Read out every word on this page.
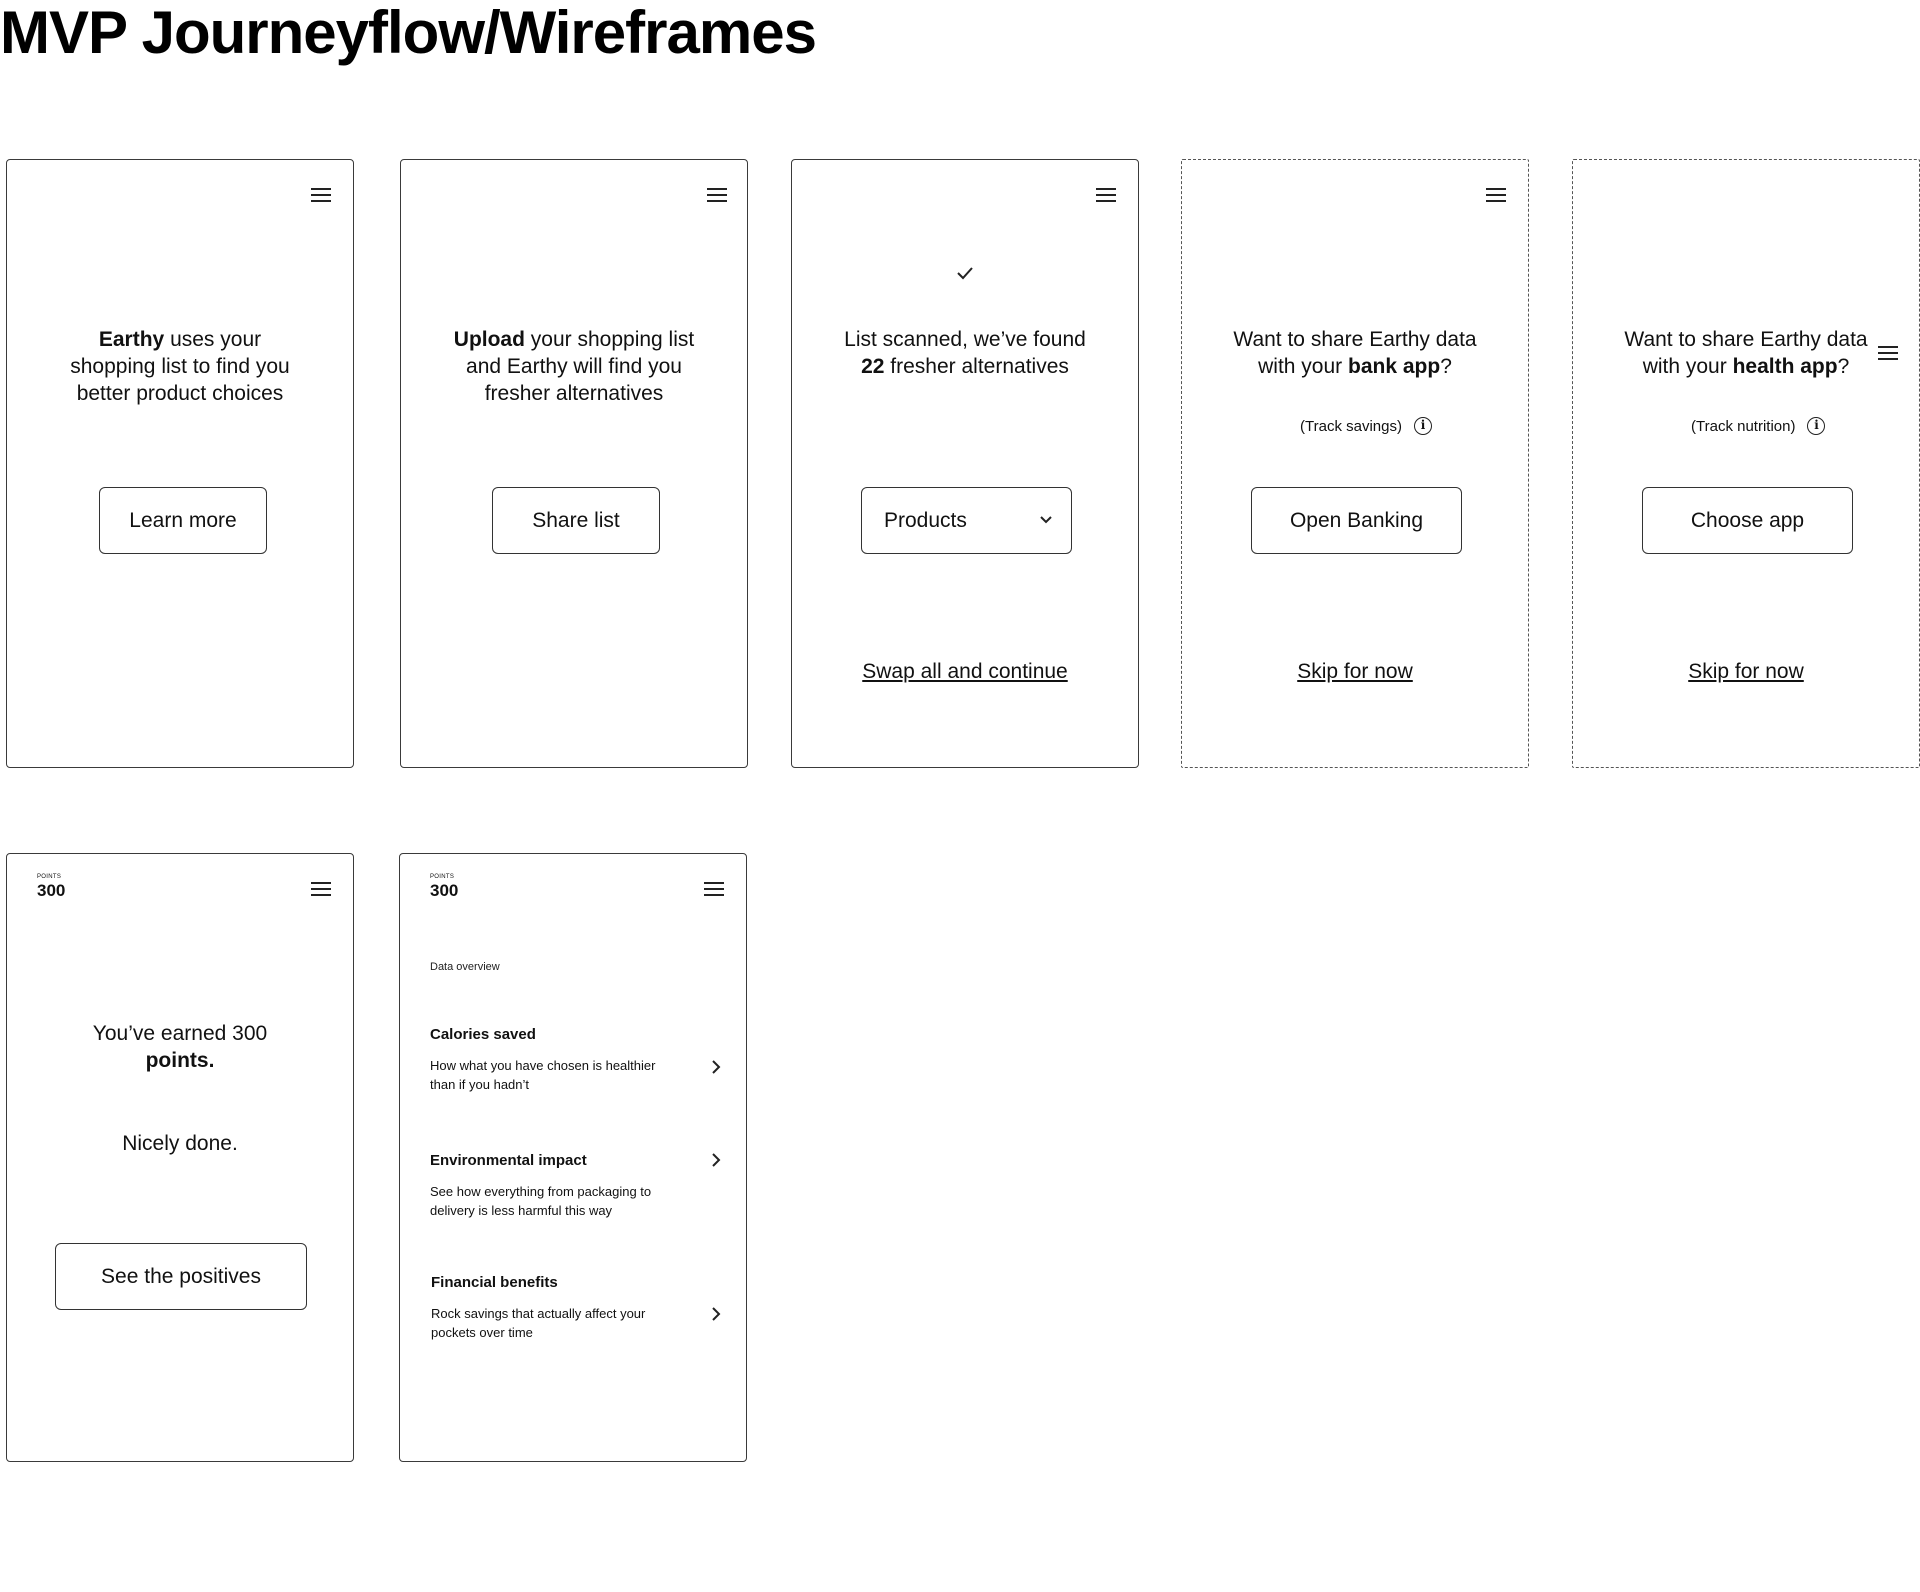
MVP Journeyflow/Wireframes
Earthy uses your
shopping list to find you
better product choices
Learn more
Upload your shopping list
and Earthy will find you
fresher alternatives
Share list
List scanned, we’ve found
22 fresher alternatives
Products
Swap all and continue
Want to share Earthy data
with your bank app?
(Track savings)	i
Open Banking
Skip for now
Want to share Earthy data
with your health app?
(Track nutrition)	i
Choose app
Skip for now
POINTS
300
You’ve earned 300
points.
Nicely done.
See the positives
POINTS
300
Data overview
Calories saved
How what you have chosen is healthier than if you hadn’t
Environmental impact
See how everything from packaging to delivery is less harmful this way
Financial benefits
Rock savings that actually affect your pockets over time
